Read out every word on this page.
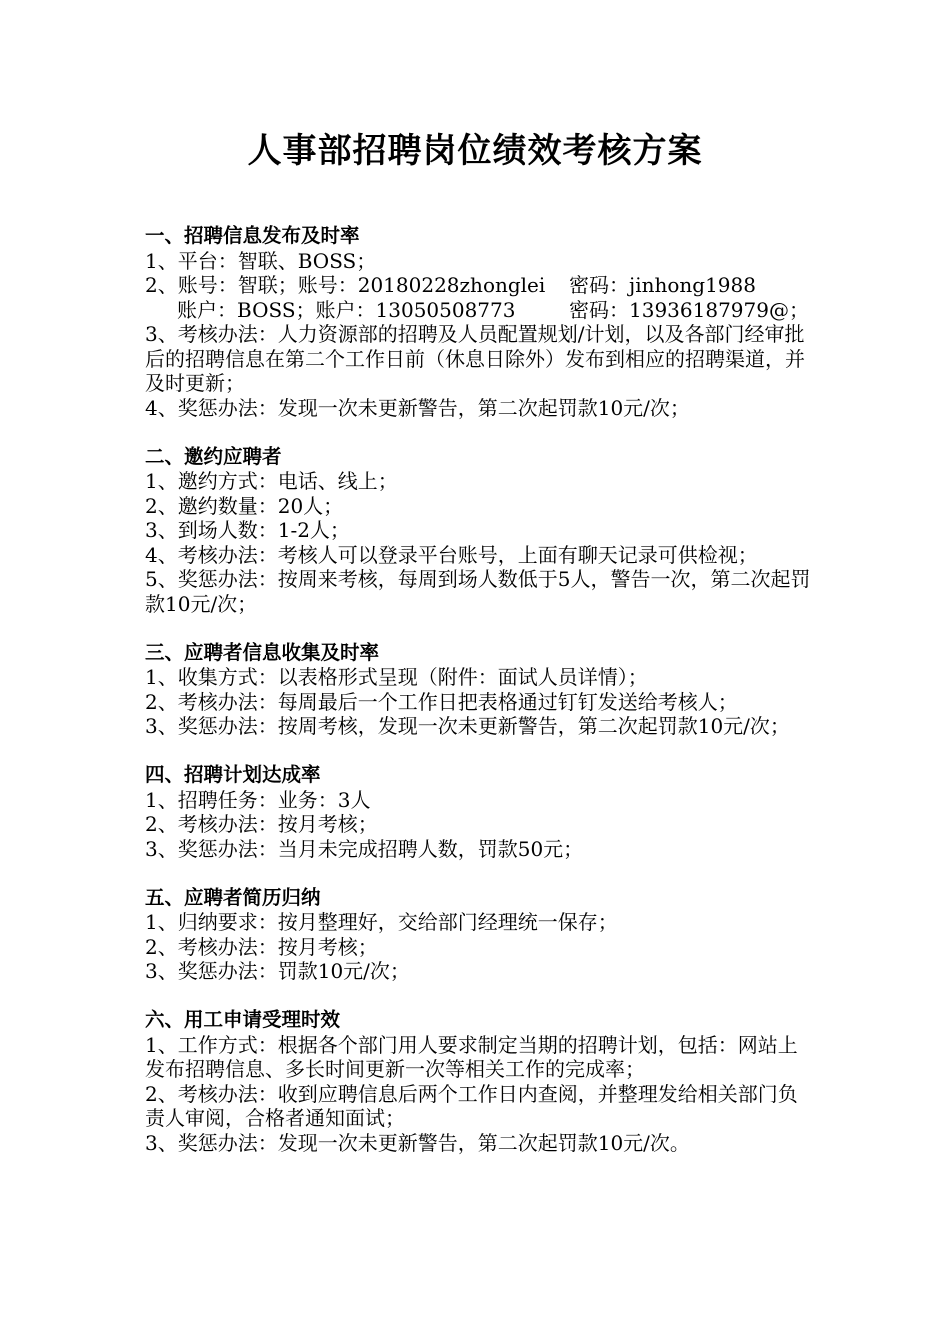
人事部招聘岗位绩效考核方案
一、招聘信息发布及时率
1、平台：智联、BOSS；
2、账号：智联；账号：20180228zhonglei 密码：jinhong1988
账户：BOSS；账户：13050508773	密码：13936187979@；
3、考核办法：人力资源部的招聘及人员配置规划/计划，以及各部门经审批后的招聘信息在第二个工作日前（休息日除外）发布到相应的招聘渠道，并及时更新；
4、奖惩办法：发现一次未更新警告，第二次起罚款10元/次；
二、邀约应聘者
1、邀约方式：电话、线上；
2、邀约数量：20人；
3、到场人数：1-2人；
4、考核办法：考核人可以登录平台账号，上面有聊天记录可供检视；
5、奖惩办法：按周来考核，每周到场人数低于5人，警告一次，第二次起罚款10元/次；
三、应聘者信息收集及时率
1、收集方式：以表格形式呈现（附件：面试人员详情）；
2、考核办法：每周最后一个工作日把表格通过钉钉发送给考核人；
3、奖惩办法：按周考核，发现一次未更新警告，第二次起罚款10元/次；
四、招聘计划达成率
1、招聘任务：业务：3人
2、考核办法：按月考核；
3、奖惩办法：当月未完成招聘人数，罚款50元；
五、应聘者简历归纳
1、归纳要求：按月整理好，交给部门经理统一保存；
2、考核办法：按月考核；
3、奖惩办法：罚款10元/次；
六、用工申请受理时效
1、工作方式：根据各个部门用人要求制定当期的招聘计划，包括：网站上发布招聘信息、多长时间更新一次等相关工作的完成率；
2、考核办法：收到应聘信息后两个工作日内查阅，并整理发给相关部门负责人审阅，合格者通知面试；
3、奖惩办法：发现一次未更新警告，第二次起罚款10元/次。
